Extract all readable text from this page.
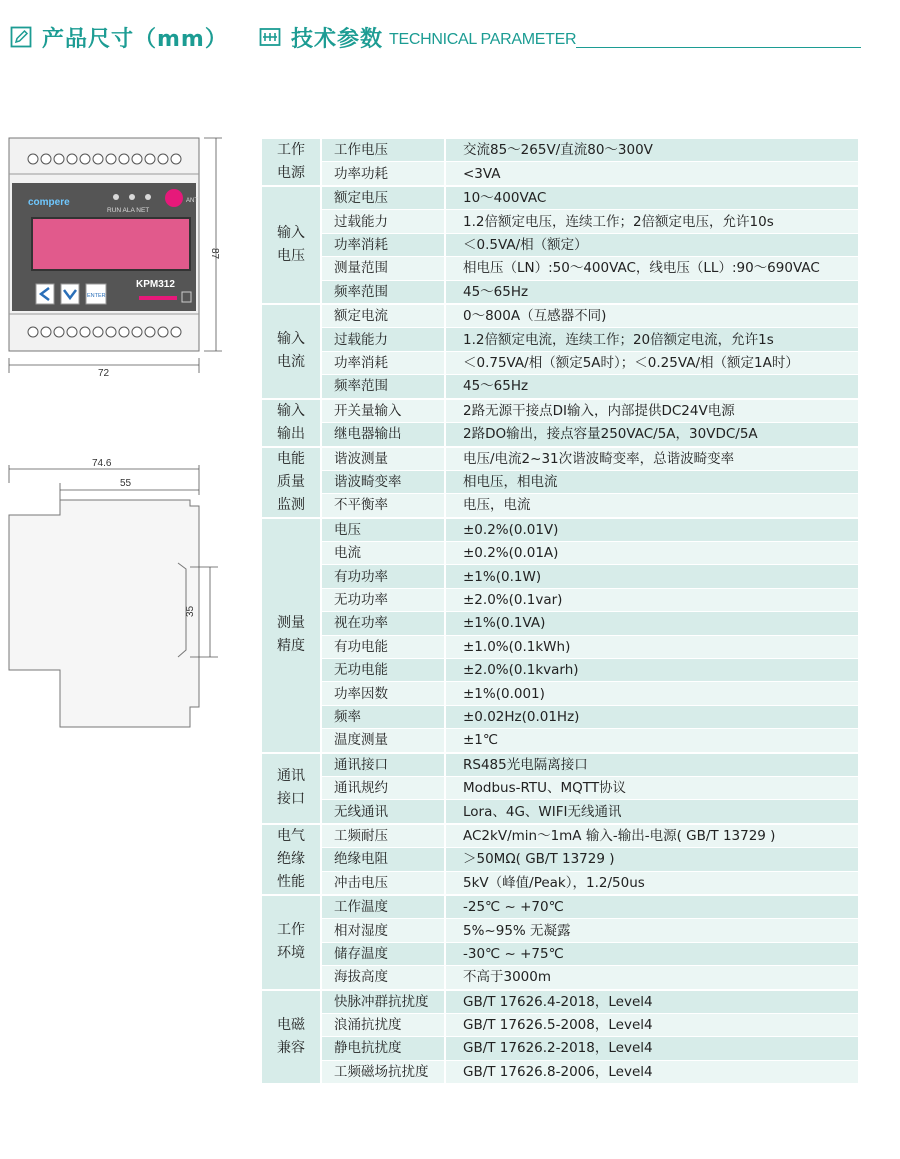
产品尺寸（mm）	技术参数 TECHNICAL PARAMETER
compere
RUN ALA NET
ANT
ENTER
KPM312
87
72
74.6
55
35
工作电源	工作电压	交流85～265V/直流80～300V
	功率功耗	<3VA
输入电压	额定电压	10～400VAC
	过载能力	1.2倍额定电压，连续工作；2倍额定电压，允许10s
	功率消耗	＜0.5VA/相（额定）
	测量范围	相电压（LN）:50～400VAC，线电压（LL）:90～690VAC
	频率范围	45～65Hz
输入电流	额定电流	0～800A（互感器不同)
	过载能力	1.2倍额定电流，连续工作；20倍额定电流，允许1s
	功率消耗	＜0.75VA/相（额定5A时）；＜0.25VA/相（额定1A时）
	频率范围	45～65Hz
输入输出	开关量输入	2路无源干接点DI输入，内部提供DC24V电源
	继电器输出	2路DO输出，接点容量250VAC/5A，30VDC/5A
电能质量监测	谐波测量	电压/电流2~31次谐波畸变率，总谐波畸变率
	谐波畸变率	相电压，相电流
	不平衡率	电压，电流
测量精度	电压	±0.2%(0.01V)
	电流	±0.2%(0.01A)
	有功功率	±1%(0.1W)
	无功功率	±2.0%(0.1var)
	视在功率	±1%(0.1VA)
	有功电能	±1.0%(0.1kWh)
	无功电能	±2.0%(0.1kvarh)
	功率因数	±1%(0.001)
	频率	±0.02Hz(0.01Hz)
	温度测量	±1℃
通讯接口	通讯接口	RS485光电隔离接口
	通讯规约	Modbus-RTU、MQTT协议
	无线通讯	Lora、4G、WIFI无线通讯
电气绝缘性能	工频耐压	AC2kV/min～1mA 输入-输出-电源( GB/T 13729 )
	绝缘电阻	＞50MΩ( GB/T 13729 )
	冲击电压	5kV（峰值/Peak），1.2/50us
工作环境	工作温度	-25℃ ~ +70℃
	相对湿度	5%~95% 无凝露
	储存温度	-30℃ ~ +75℃
	海拔高度	不高于3000m
电磁兼容	快脉冲群抗扰度	GB/T 17626.4-2018，Level4
	浪涌抗扰度	GB/T 17626.5-2008，Level4
	静电抗扰度	GB/T 17626.2-2018，Level4
	工频磁场抗扰度	GB/T 17626.8-2006，Level4
